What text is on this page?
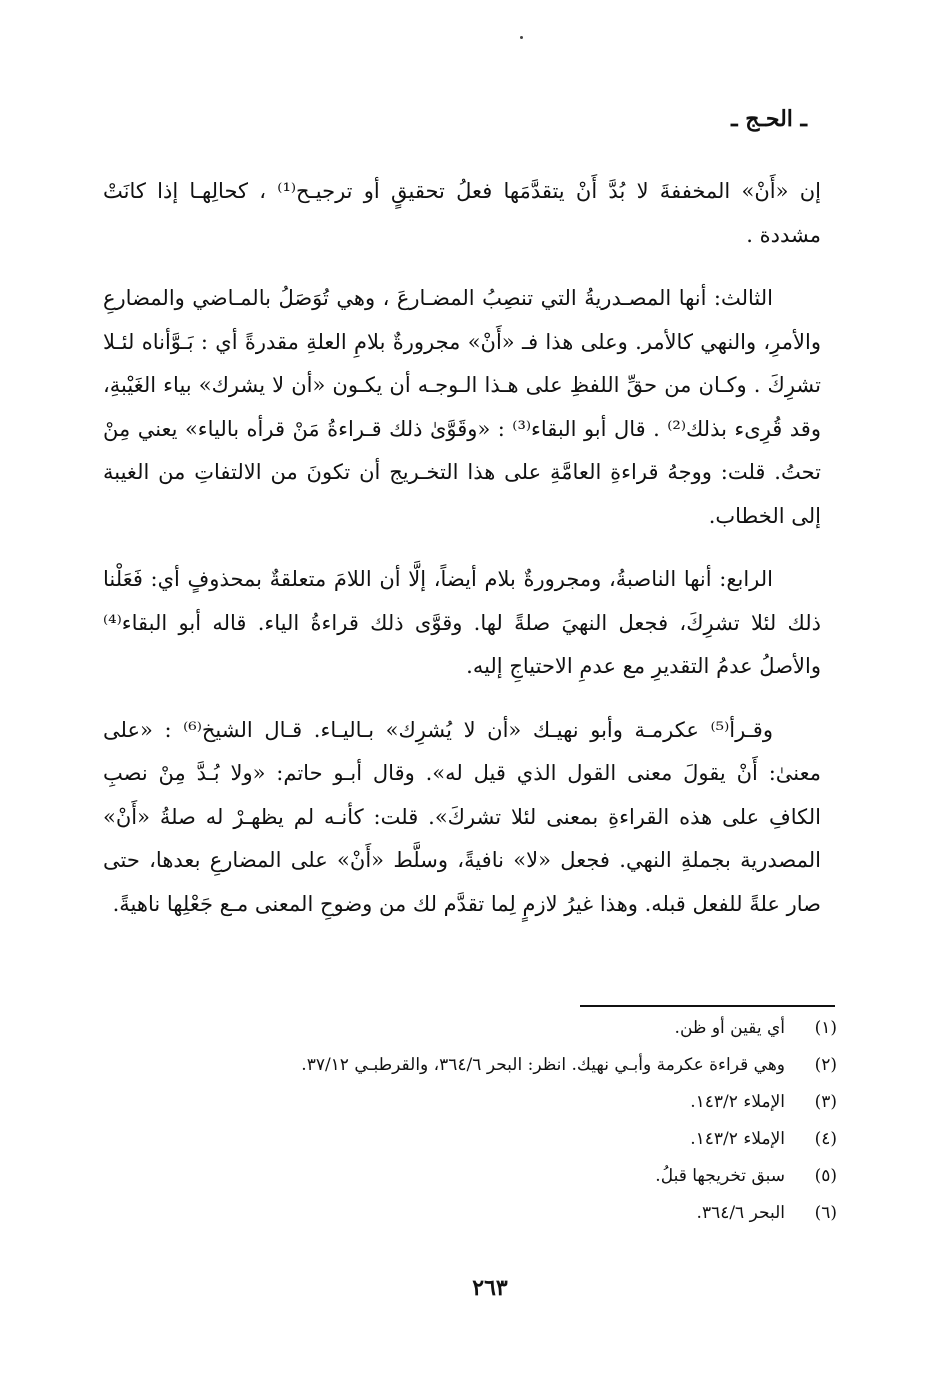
ـ الحـج ـ

إن «أَنْ» المخففةَ لا بُدَّ أَنْ يتقدَّمَها فعلُ تحقيقٍ أو ترجيـح⁽¹⁾ ، كحالِهـا إذا كانَتْ مشددة .

الثالث: أنها المصـدريةُ التي تنصِبُ المضـارعَ ، وهي تُوَصَلُ بالمـاضي والمضارعِ والأمرِ، والنهي كالأمر. وعلى هذا فـ «أَنْ» مجرورةٌ بلامِ العلةِ مقدرةً أي : بَـوَّأناه لئـلا تشرِكَ . وكـان من حقِّ اللفظِ على هـذا الـوجـه أن يكـون «أن لا يشرك» بياء الغَيْبةِ، وقد قُرِىء بذلك⁽²⁾ . قال أبو البقاء⁽³⁾ : «وقَوَّىٰ ذلك قـراءةُ مَنْ قرأه بالياء» يعني مِنْ تحتُ. قلت: ووجهُ قراءةِ العامَّةِ على هذا التخـريج أن تكونَ من الالتفاتِ من الغيبة إلى الخطاب.

الرابع: أنها الناصبةُ، ومجرورةٌ بلام أيضاً، إلَّا أن اللامَ متعلقةٌ بمحذوفٍ أي: فَعَلْنا ذلك لئلا تشرِكَ، فجعل النهيَ صلةً لها. وقوَّى ذلك قراءةُ الياء. قاله أبو البقاء⁽⁴⁾ والأصلُ عدمُ التقديرِ مع عدمِ الاحتياجِ إليه.

وقـرأ⁽⁵⁾ عكرمـة وأبو نهيـك «أن لا يُشرِك» بـاليـاء. قـال الشيخ⁽⁶⁾ : «على معنىٰ: أَنْ يقولَ معنى القول الذي قيل له». وقال أبـو حاتم: «ولا بُـدَّ مِنْ نصبِ الكافِ على هذه القراءةِ بمعنى لئلا تشركَ». قلت: كأنـه لم يظهـرْ له صلةُ «أَنْ» المصدرية بجملةِ النهي. فجعل «لا» نافيةً، وسلَّط «أَنْ» على المضارعِ بعدها، حتى صار علةً للفعل قبله. وهذا غيرُ لازمٍ لِما تقدَّم لك من وضوحِ المعنى مـع جَعْلِها ناهيةً.

(١)
أي يقين أو ظن.
(٢)
وهي قراءة عكرمة وأبـي نهيك. انظر: البحر ٣٦٤/٦، والقرطبـي ٣٧/١٢.
(٣)
الإملاء ١٤٣/٢.
(٤)
الإملاء ١٤٣/٢.
(٥)
سبق تخريجها قبلُ.
(٦)
البحر ٣٦٤/٦.
٢٦٣
